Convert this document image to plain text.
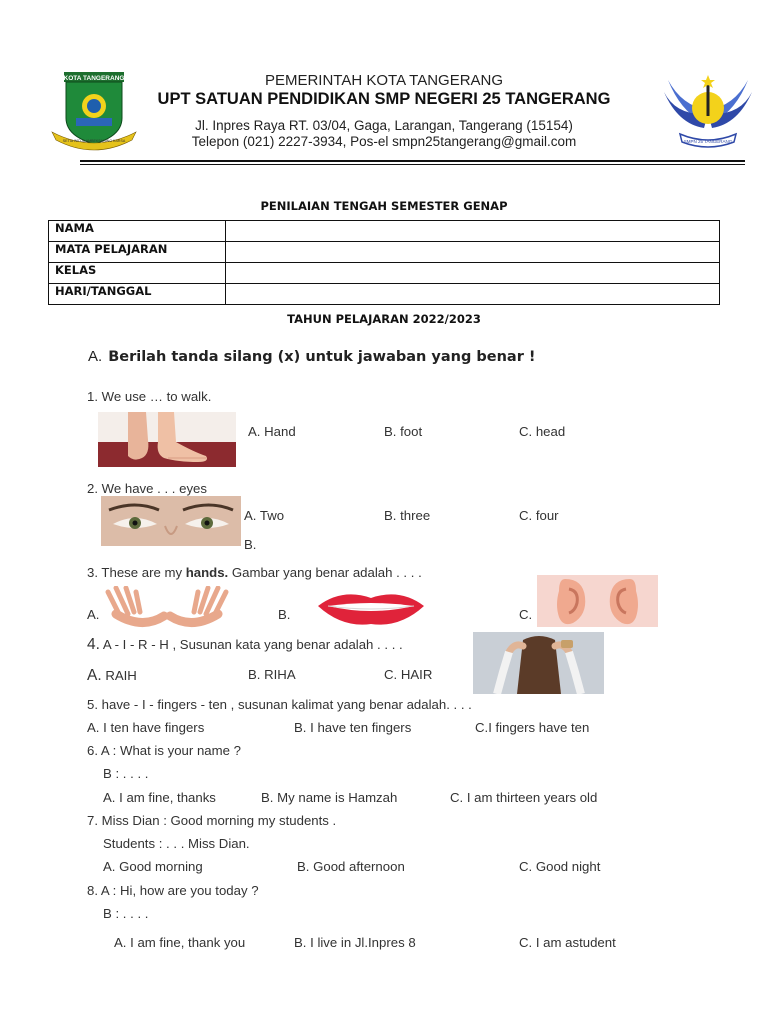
KOTA TANGERANG
SETIA WIDJA AMBEKSANING KARSA
PEMERINTAH KOTA TANGERANG
UPT SATUAN PENDIDIKAN SMP NEGERI 25 TANGERANG
Jl. Inpres Raya RT. 03/04, Gaga, Larangan, Tangerang (15154)
Telepon (021) 2227-3934, Pos-el smpn25tangerang@gmail.com	SMPN 25 TANGERANG
PENILAIAN TENGAH SEMESTER GENAP
NAMA	
MATA PELAJARAN	
KELAS	
HARI/TANGGAL	
TAHUN PELAJARAN 2022/2023
A. Berilah tanda silang (x) untuk jawaban yang benar !
1. We use … to walk.
A. Hand	B. foot	C. head
2. We have . . . eyes
A. Two	B. three	C. four
B.
3. These are my hands. Gambar yang benar adalah . . . .
A.	B.	C.
4. A - I - R - H , Susunan kata yang benar adalah . . . .
A. RAIH	B. RIHA	C. HAIR
5. have - I - fingers - ten , susunan kalimat yang benar adalah. . . .
A. I ten have fingers	B. I have ten fingers	C.I fingers have ten
6. A : What is your name ?
B : . . . .
A. I am fine, thanks	B. My name is Hamzah	C. I am thirteen years old
7. Miss Dian : Good morning my students .
Students : . . . Miss Dian.
A. Good morning	B. Good afternoon	C. Good night
8. A : Hi, how are you today ?
B : . . . .
A. I am fine, thank you	B. I live in Jl.Inpres 8	C. I am astudent
